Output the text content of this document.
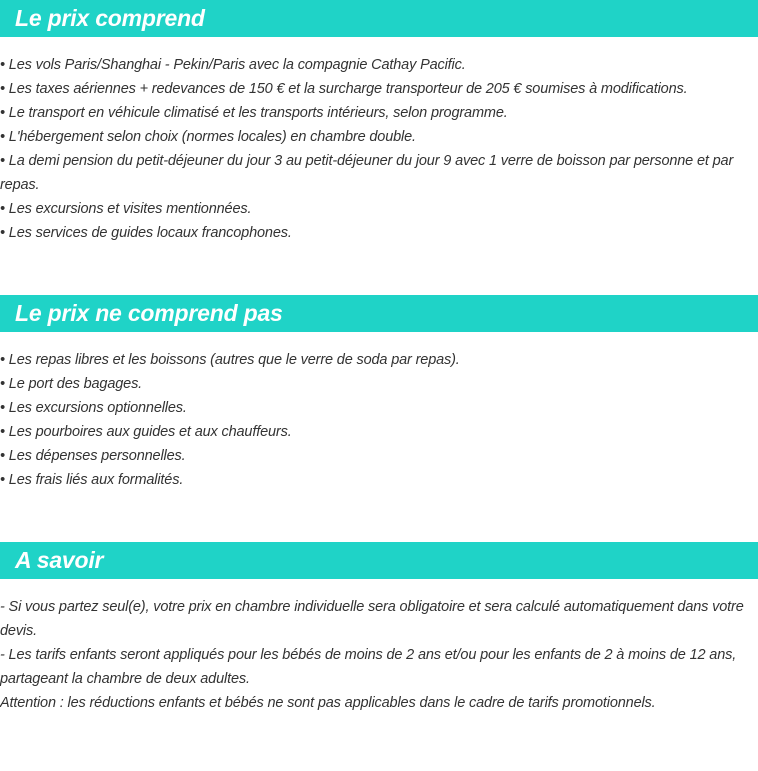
Le prix comprend
• Les vols Paris/Shanghai - Pekin/Paris avec la compagnie Cathay Pacific.
• Les taxes aériennes + redevances de 150 € et la surcharge transporteur de 205 € soumises à modifications.
• Le transport en véhicule climatisé et les transports intérieurs, selon programme.
• L'hébergement selon choix (normes locales) en chambre double.
• La demi pension du petit-déjeuner du jour 3 au petit-déjeuner du jour 9 avec 1 verre de boisson par personne et par repas.
• Les excursions et visites mentionnées.
• Les services de guides locaux francophones.
Le prix ne comprend pas
• Les repas libres et les boissons (autres que le verre de soda par repas).
• Le port des bagages.
• Les excursions optionnelles.
• Les pourboires aux guides et aux chauffeurs.
• Les dépenses personnelles.
• Les frais liés aux formalités.
A savoir
- Si vous partez seul(e), votre prix en chambre individuelle sera obligatoire et sera calculé automatiquement dans votre devis.
- Les tarifs enfants seront appliqués pour les bébés de moins de 2 ans et/ou pour les enfants de 2 à moins de 12 ans, partageant la chambre de deux adultes.
Attention : les réductions enfants et bébés ne sont pas applicables dans le cadre de tarifs promotionnels.
